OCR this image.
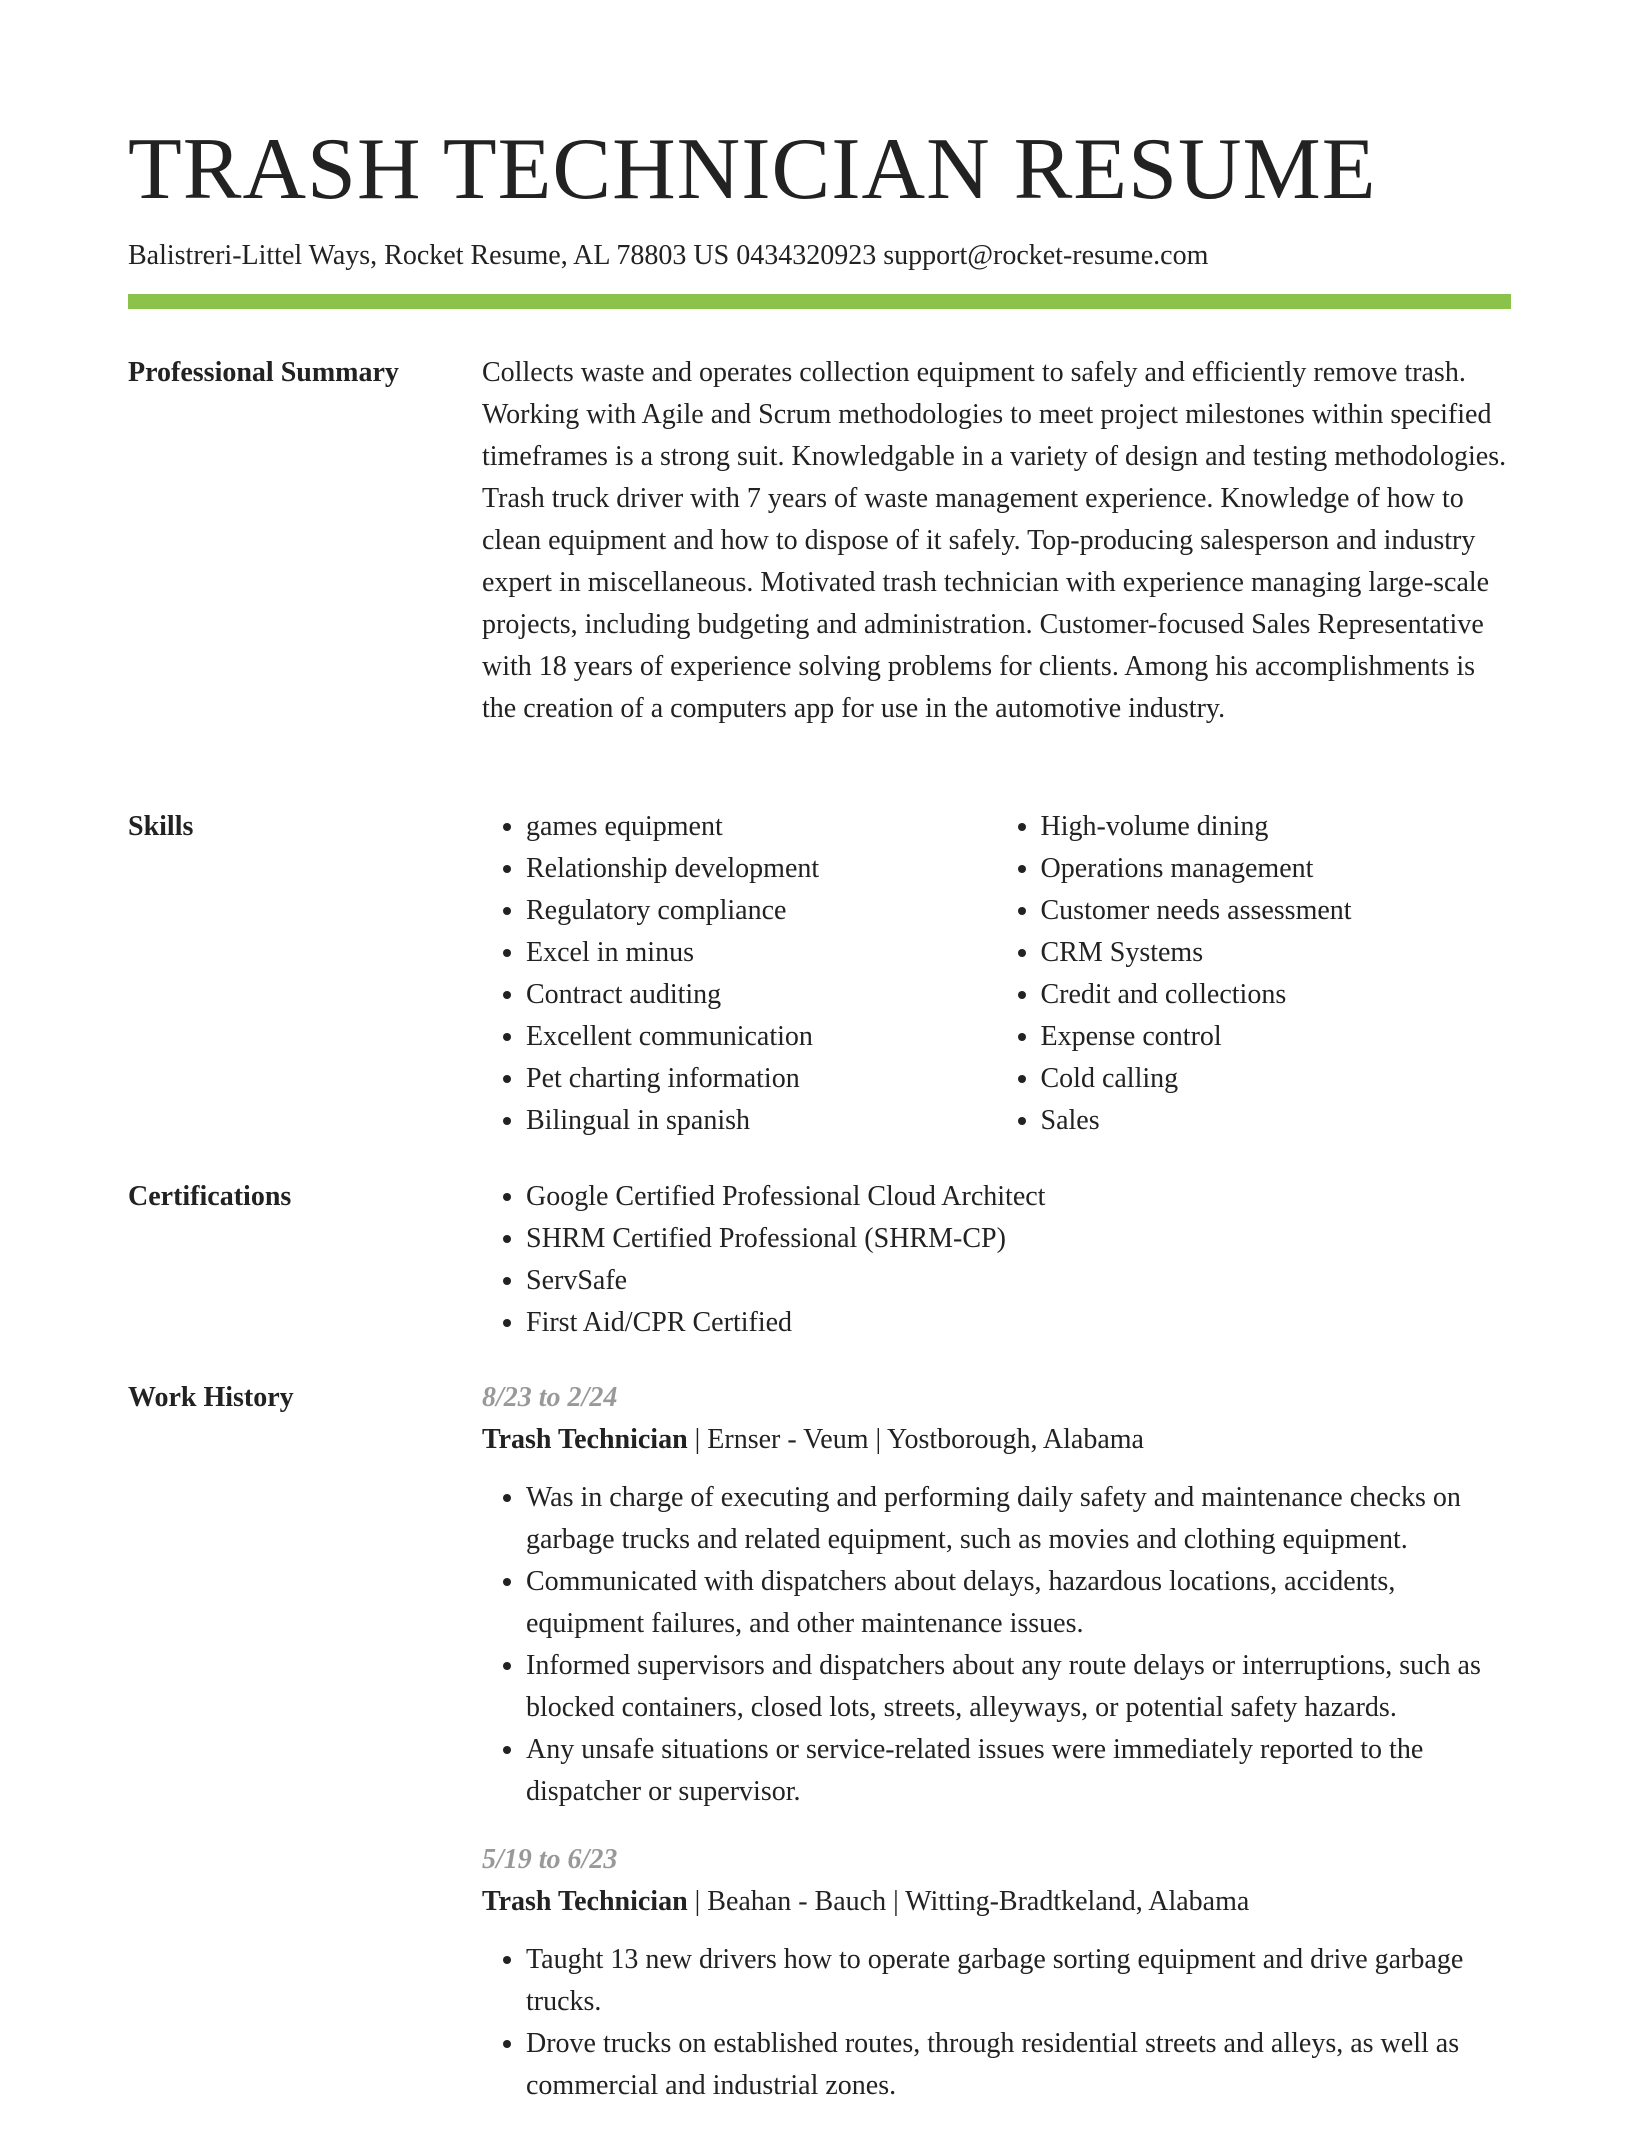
TRASH TECHNICIAN RESUME
Balistreri-Littel Ways, Rocket Resume, AL 78803 US 0434320923 support@rocket-resume.com
Professional Summary	Collects waste and operates collection equipment to safely and efficiently remove trash. Working with Agile and Scrum methodologies to meet project milestones within specified timeframes is a strong suit. Knowledgable in a variety of design and testing methodologies. Trash truck driver with 7 years of waste management experience. Knowledge of how to clean equipment and how to dispose of it safely. Top-producing salesperson and industry expert in miscellaneous. Motivated trash technician with experience managing large-scale projects, including budgeting and administration. Customer-focused Sales Representative with 18 years of experience solving problems for clients. Among his accomplishments is the creation of a computers app for use in the automotive industry.

Skills	• games equipment
• Relationship development
• Regulatory compliance
• Excel in minus
• Contract auditing
• Excellent communication
• Pet charting information
• Bilingual in spanish
• High-volume dining
• Operations management
• Customer needs assessment
• CRM Systems
• Credit and collections
• Expense control
• Cold calling
• Sales
Certifications	• Google Certified Professional Cloud Architect
• SHRM Certified Professional (SHRM-CP)
• ServSafe
• First Aid/CPR Certified
Work History	8/23 to 2/24
Trash Technician | Ernser - Veum | Yostborough, Alabama
• Was in charge of executing and performing daily safety and maintenance checks on garbage trucks and related equipment, such as movies and clothing equipment.
• Communicated with dispatchers about delays, hazardous locations, accidents, equipment failures, and other maintenance issues.
• Informed supervisors and dispatchers about any route delays or interruptions, such as blocked containers, closed lots, streets, alleyways, or potential safety hazards.
• Any unsafe situations or service-related issues were immediately reported to the dispatcher or supervisor.
5/19 to 6/23
Trash Technician | Beahan - Bauch | Witting-Bradtkeland, Alabama
• Taught 13 new drivers how to operate garbage sorting equipment and drive garbage trucks.
• Drove trucks on established routes, through residential streets and alleys, as well as commercial and industrial zones.
